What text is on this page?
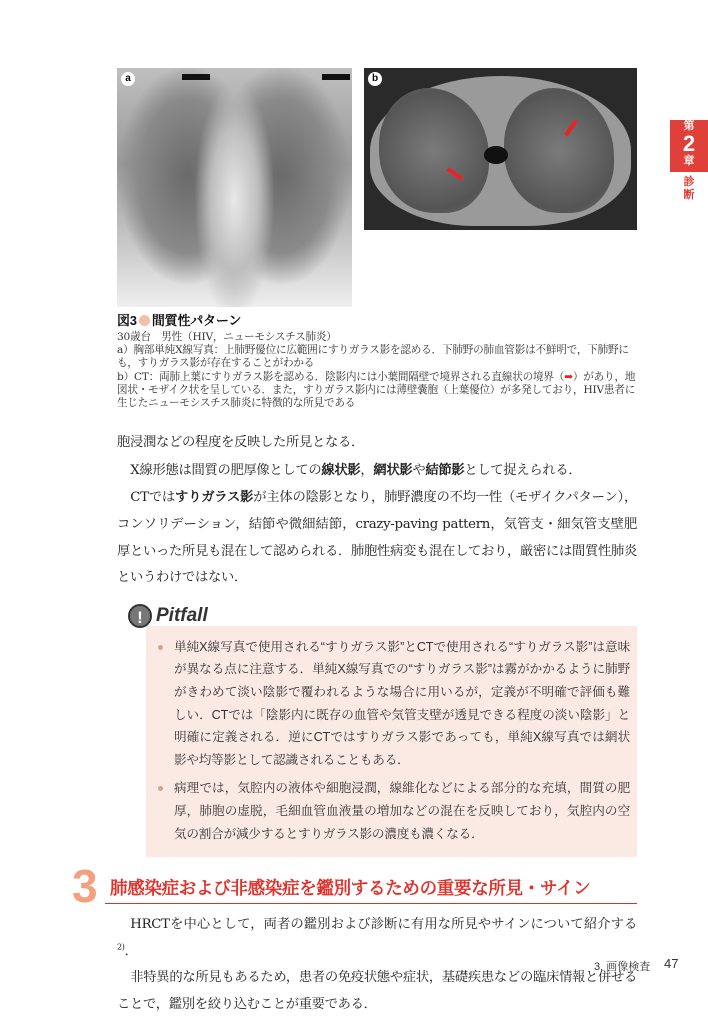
a	b
第
2
章
診
断
図3 間質性パターン
30歳台　男性（HIV，ニューモシスチス肺炎）
a）胸部単純X線写真：上肺野優位に広範囲にすりガラス影を認める．下肺野の肺血管影は不鮮明で，下肺野にも，すりガラス影が存在することがわかる
b）CT：両肺上葉にすりガラス影を認める．陰影内には小葉間隔壁で境界される直線状の境界（➡）があり，地図状・モザイク状を呈している．また，すりガラス影内には薄壁嚢胞（上葉優位）が多発しており，HIV患者に生じたニューモシスチス肺炎に特徴的な所見である

胞浸潤などの程度を反映した所見となる．

X線形態は間質の肥厚像としての線状影，網状影や結節影として捉えられる．

CTではすりガラス影が主体の陰影となり，肺野濃度の不均一性（モザイクパターン），コンソリデーション，結節や微細結節，crazy-paving pattern，気管支・細気管支壁肥厚といった所見も混在して認められる．肺胞性病変も混在しており，厳密には間質性肺炎というわけではない．

! Pitfall
単純X線写真で使用される“すりガラス影”とCTで使用される“すりガラス影”は意味が異なる点に注意する．単純X線写真での“すりガラス影”は霧がかかるように肺野がきわめて淡い陰影で覆われるような場合に用いるが，定義が不明確で評価も難しい．CTでは「陰影内に既存の血管や気管支壁が透見できる程度の淡い陰影」と明確に定義される．逆にCTではすりガラス影であっても，単純X線写真では網状影や均等影として認識されることもある．
病理では，気腔内の液体や細胞浸潤，線維化などによる部分的な充填，間質の肥厚，肺胞の虚脱，毛細血管血液量の増加などの混在を反映しており，気腔内の空気の割合が減少するとすりガラス影の濃度も濃くなる．
3 肺感染症および非感染症を鑑別するための重要な所見・サイン

HRCTを中心として，両者の鑑別および診断に有用な所見やサインについて紹介する$^{2)}$．

非特異的な所見もあるため，患者の免疫状態や症状，基礎疾患などの臨床情報と併せることで，鑑別を絞り込むことが重要である．

3. 画像検査 47
